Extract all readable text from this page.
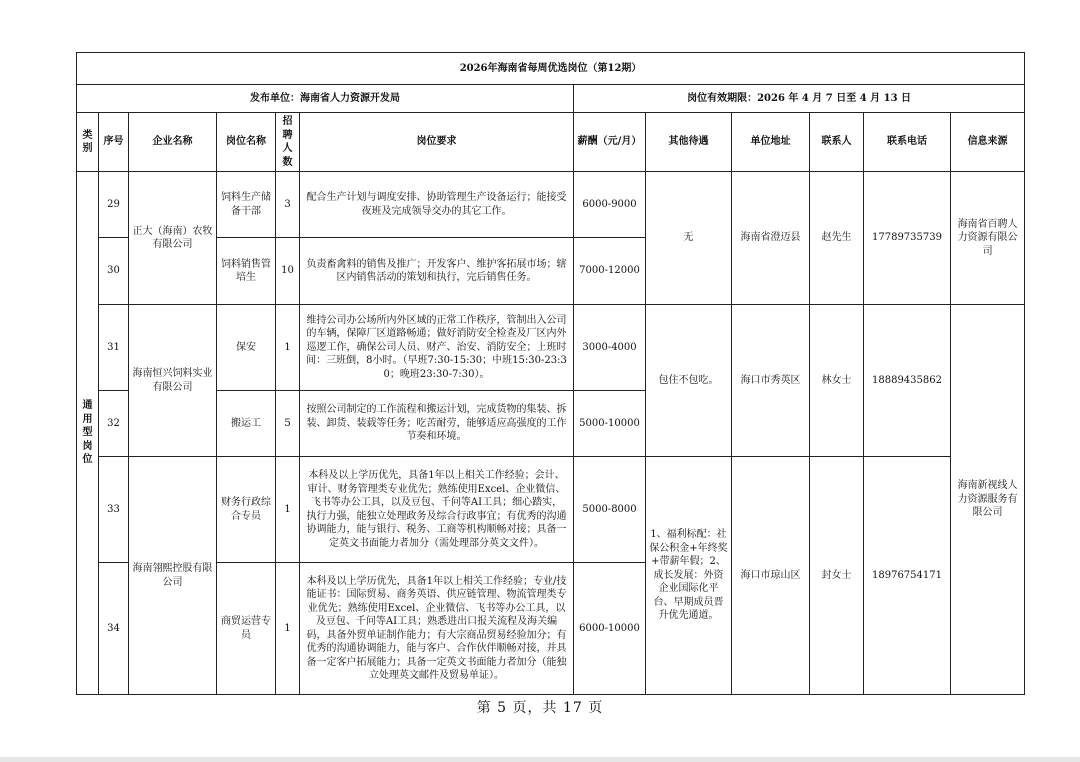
2026年海南省每周优选岗位（第12期）											
发布单位：海南省人力资源开发局						岗位有效期限：2026 年 4 月 7 日至 4 月 13 日					
类别	序号	企业名称	岗位名称	招聘人数	岗位要求	薪酬（元/月）	其他待遇	单位地址	联系人	联系电话	信息来源

通用型岗位	29	正大（海南）农牧有限公司	饲料生产储备干部	3	配合生产计划与调度安排、协助管理生产设备运行；能接受夜班及完成领导交办的其它工作。	6000-9000	无	海南省澄迈县	赵先生	17789735739	海南省百聘人力资源有限公司
	30		饲料销售管培生	10	负责畜禽料的销售及推广；开发客户、维护客拓展市场；辖区内销售活动的策划和执行，完后销售任务。	7000-12000					
	31	海南恒兴饲料实业有限公司	保安	1	维持公司办公场所内外区域的正常工作秩序，管制出入公司的车辆，保障厂区道路畅通；做好消防安全检查及厂区内外巡逻工作，确保公司人员、财产、治安、消防安全；上班时间：三班倒，8小时。（早班7:30-15:30；中班15:30-23:30；晚班23:30-7:30）。	3000-4000	包住不包吃。	海口市秀英区	林女士	18889435862	海南新视线人力资源服务有限公司
	32		搬运工	5	按照公司制定的工作流程和搬运计划，完成货物的集装、拆装、卸货、装载等任务；吃苦耐劳，能够适应高强度的工作节奏和环境。	5000-10000					
	33	海南翎熙控股有限公司	财务行政综合专员	1	本科及以上学历优先，具备1年以上相关工作经验；会计、审计、财务管理类专业优先；熟练使用Excel、企业微信、飞书等办公工具，以及豆包、千问等AI工具；细心踏实，执行力强，能独立处理政务及综合行政事宜；有优秀的沟通协调能力，能与银行、税务、工商等机构顺畅对接；具备一定英文书面能力者加分（需处理部分英文文件）。	5000-8000	1、福利标配：社保公积金+年终奖+带薪年假；2、成长发展：外资企业国际化平台、早期成员晋升优先通道。	海口市琼山区	封女士	18976754171	
	34		商贸运营专员	1	本科及以上学历优先，具备1年以上相关工作经验；专业/技能证书：国际贸易、商务英语、供应链管理、物流管理类专业优先；熟练使用Excel、企业微信、飞书等办公工具，以及豆包、千问等AI工具；熟悉进出口报关流程及海关编码，具备外贸单证制作能力；有大宗商品贸易经验加分；有优秀的沟通协调能力，能与客户、合作伙伴顺畅对接，并具备一定客户拓展能力；具备一定英文书面能力者加分（能独立处理英文邮件及贸易单证）。	6000-10000					
第 5 页，共 17 页
